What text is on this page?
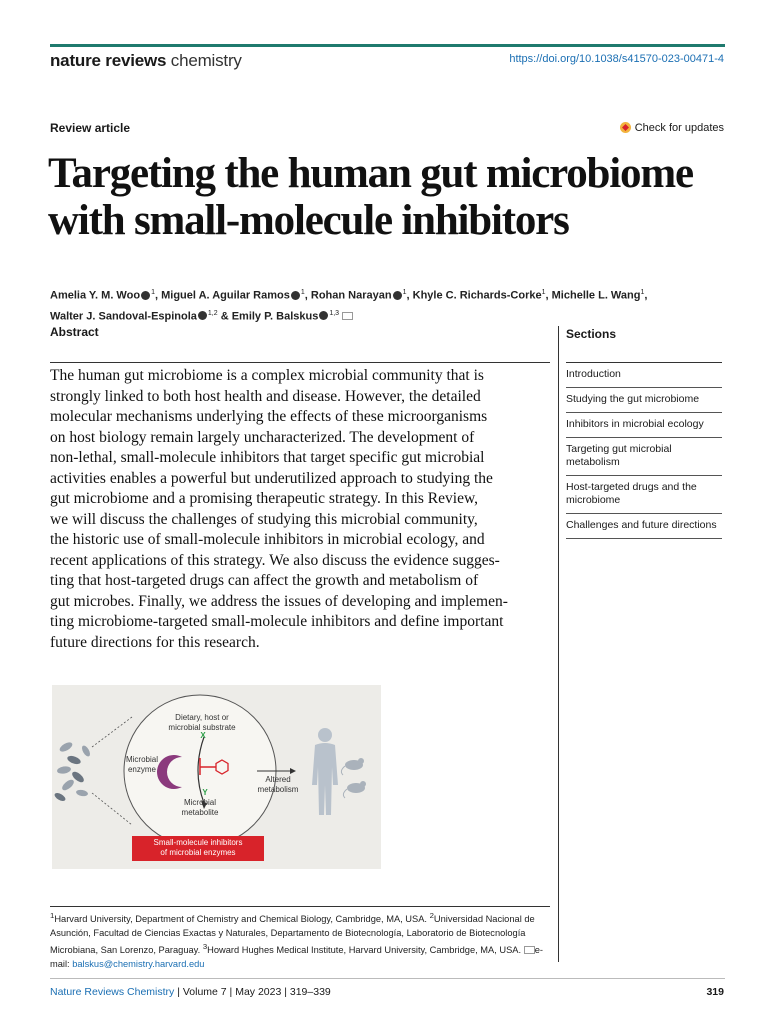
nature reviews chemistry	https://doi.org/10.1038/s41570-023-00471-4
Review article	Check for updates
Targeting the human gut microbiome with small-molecule inhibitors
Amelia Y. M. Woo $^1$, Miguel A. Aguilar Ramos $^1$, Rohan Narayan $^1$, Khyle C. Richards-Corke$^1$, Michelle L. Wang$^1$,
Walter J. Sandoval-Espinola $^{1,2}$ & Emily P. Balskus $^{1,3}$
Abstract
The human gut microbiome is a complex microbial community that is
strongly linked to both host health and disease. However, the detailed
molecular mechanisms underlying the effects of these microorganisms
on host biology remain largely uncharacterized. The development of
non-lethal, small-molecule inhibitors that target specific gut microbial
activities enables a powerful but underutilized approach to studying the
gut microbiome and a promising therapeutic strategy. In this Review,
we will discuss the challenges of studying this microbial community,
the historic use of small-molecule inhibitors in microbial ecology, and
recent applications of this strategy. We also discuss the evidence sugges-
ting that host-targeted drugs can affect the growth and metabolism of
gut microbes. Finally, we address the issues of developing and implemen-
ting microbiome-targeted small-molecule inhibitors and define important
future directions for this research.
Sections
Introduction
Studying the gut microbiome
Inhibitors in microbial ecology
Targeting gut microbial metabolism
Host-targeted drugs and the microbiome
Challenges and future directions
Dietary, host or
microbial substrate
X
Y
Microbial
enzyme
Microbial
metabolite
Altered
metabolism
Small-molecule inhibitors
of microbial enzymes
$^1$Harvard University, Department of Chemistry and Chemical Biology, Cambridge, MA, USA. $^2$Universidad Nacional de Asunción, Facultad de Ciencias Exactas y Naturales, Departamento de Biotecnología, Laboratorio de Biotecnología Microbiana, San Lorenzo, Paraguay. $^3$Howard Hughes Medical Institute, Harvard University, Cambridge, MA, USA. e-mail: balskus@chemistry.harvard.edu
Nature Reviews Chemistry | Volume 7 | May 2023 | 319–339	319
